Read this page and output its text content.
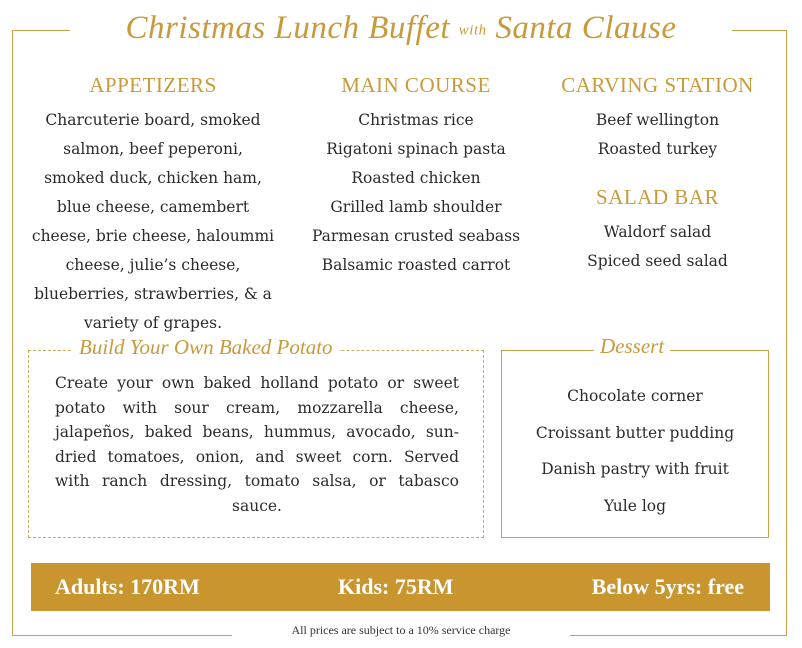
Christmas Lunch Buffet with Santa Clause
APPETIZERS
Charcuterie board, smoked
salmon, beef peperoni,
smoked duck, chicken ham,
blue cheese, camembert
cheese, brie cheese, haloummi
cheese, julie’s cheese,
blueberries, strawberries, & a
variety of grapes.
MAIN COURSE
Christmas rice
Rigatoni spinach pasta
Roasted chicken
Grilled lamb shoulder
Parmesan crusted seabass
Balsamic roasted carrot
CARVING STATION
Beef wellington
Roasted turkey
SALAD BAR
Waldorf salad
Spiced seed salad
Build Your Own Baked Potato
Create your own baked holland potato or sweet potato with sour cream, mozzarella cheese, jalapeños, baked beans, hummus, avocado, sun-dried tomatoes, onion, and sweet corn. Served with ranch dressing, tomato salsa, or tabasco sauce.
Dessert
Chocolate corner
Croissant butter pudding
Danish pastry with fruit
Yule log
Adults: 170RM	Kids: 75RM	Below 5yrs: free
All prices are subject to a 10% service charge
